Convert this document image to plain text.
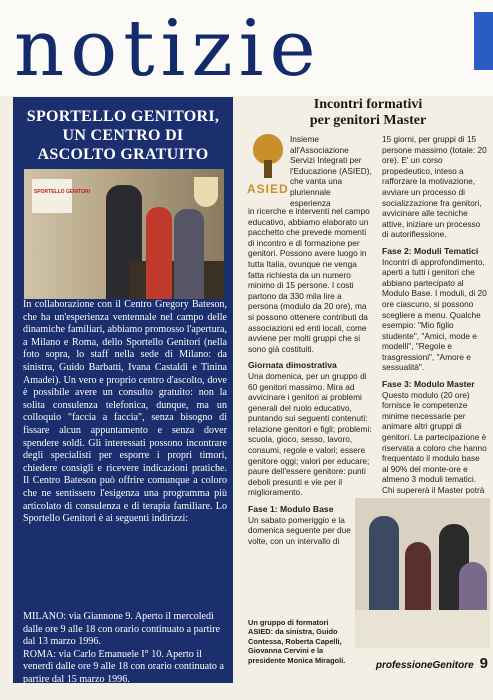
notizie
SPORTELLO GENITORI,
UN CENTRO DI
ASCOLTO GRATUITO
SPORTELLO GENITORI

In collaborazione con il Centro Gregory Bateson, che ha un'esperienza ventennale nel campo delle dinamiche familiari, abbiamo promosso l'apertura, a Milano e Roma, dello Sportello Genitori (nella foto sopra, lo staff nella sede di Milano: da sinistra, Guido Barbatti, Ivana Castaldi e Tinina Amadei). Un vero e proprio centro d'ascolto, dove è possibile avere un consulto gratuito: non la solita consulenza telefonica, dunque, ma un colloquio "faccia a faccia", senza bisogno di fissare alcun appuntamento e senza dover spendere soldi. Gli interessati possono incontrare degli specialisti per esporre i propri timori, chiedere consigli e ricevere indicazioni pratiche. Il Centro Bateson può offrire comunque a coloro che ne sentissero l'esigenza una programma più articolato di consulenza e di terapia familiare. Lo Sportello Genitori è ai seguenti indirizzi:

MILANO: via Giannone 9. Aperto il mercoledì dalle ore 9 alle 18 con orario continuato a partire dal 13 marzo 1996.

ROMA: via Carlo Emanuele I° 10. Aperto il venerdì dalle ore 9 alle 18 con orario continuato a partire dal 15 marzo 1996.

Incontri formativi
per genitori Master
ASIED

Insieme all'Associazione Servizi Integrati per l'Educazione (ASIED), che vanta una pluriennale esperienza

in ricerche e interventi nel campo educativo, abbiamo elaborato un pacchetto che prevede momenti di incontro e di formazione per genitori. Possono avere luogo in tutta Italia, ovunque ne venga fatta richiesta da un numero minimo di 15 persone. I costi partono da 330 mila lire a persona (modulo da 20 ore), ma si possono ottenere contributi da associazioni ed enti locali, come avviene per molti gruppi che si sono già costituiti.

Giornata dimostrativa

Una domenica, per un gruppo di 60 genitori massimo. Mira ad avvicinare i genitori ai problemi generali del ruolo educativo, puntando sui seguenti contenuti: relazione genitori e figli; problemi: scuola, gioco, sesso, lavoro, consumi, regole e valori; essere genitore oggi; valori per educare; paure dell'essere genitore: punti deboli presunti e vie per il miglioramento.

Fase 1: Modulo Base

Un sabato pomeriggio e la domenica seguente per due volte, con un intervallo di

15 giorni, per gruppi di 15 persone massimo (totale: 20 ore). E' un corso propedeutico, inteso a rafforzare la motivazione, avviare un processo di socializzazione fra genitori, avvicinare alle tecniche attive, iniziare un processo di autoriflessione.

Fase 2: Moduli Tematici

Incontri di approfondimento, aperti a tutti i genitori che abbiano partecipato al Modulo Base. I moduli, di 20 ore ciascuno, si possono scegliere a menu. Qualche esempio: "Mio figlio studente", "Amici, mode e modelli", "Regole e trasgressioni", "Amore e sessualità".

Fase 3: Modulo Master

Questo modulo (20 ore) fornisce le competenze minime necessarie per animare altri gruppi di genitori. La partecipazione è riservata a coloro che hanno frequentato il modulo base al 90% del monte-ore e almeno 3 moduli tematici. Chi supererà il Master potrà

Un gruppo di formatori ASIED: da sinistra, Guido Contessa, Roberta Capelli, Giovanna Cervini e la presidente Monica Miragoli.	professioneGenitore 9
